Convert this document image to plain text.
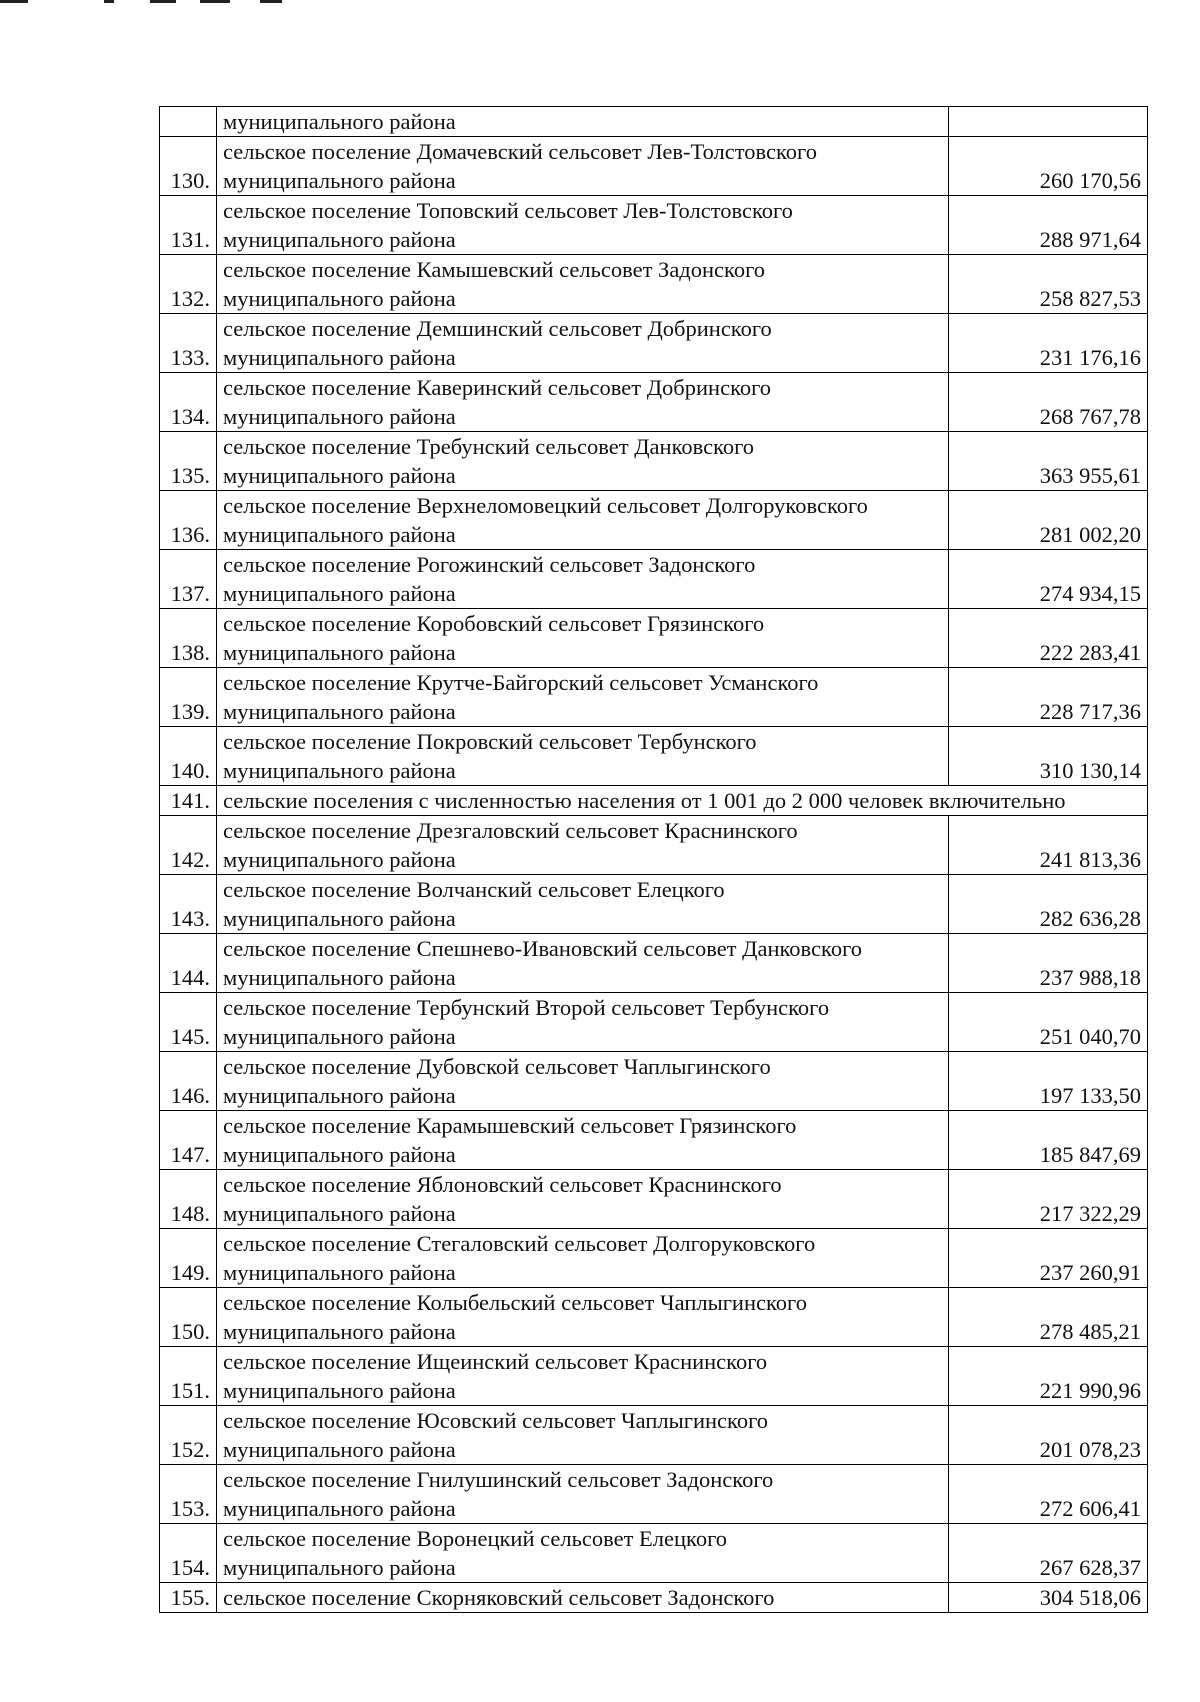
	муниципального района	

130.	сельское поселение Домачевский сельсовет Лев-Толстовского
муниципального района	260 170,56
131.	сельское поселение Топовский сельсовет Лев-Толстовского
муниципального района	288 971,64
132.	сельское поселение Камышевский сельсовет Задонского
муниципального района	258 827,53
133.	сельское поселение Демшинский сельсовет Добринского
муниципального района	231 176,16
134.	сельское поселение Каверинский сельсовет Добринского
муниципального района	268 767,78
135.	сельское поселение Требунский сельсовет Данковского
муниципального района	363 955,61
136.	сельское поселение Верхнеломовецкий сельсовет Долгоруковского
муниципального района	281 002,20
137.	сельское поселение Рогожинский сельсовет Задонского
муниципального района	274 934,15
138.	сельское поселение Коробовский сельсовет Грязинского
муниципального района	222 283,41
139.	сельское поселение Крутче-Байгорский сельсовет Усманского
муниципального района	228 717,36
140.	сельское поселение Покровский сельсовет Тербунского
муниципального района	310 130,14
141.	сельские поселения с численностью населения от 1 001 до 2 000 человек включительно	
142.	сельское поселение Дрезгаловский сельсовет Краснинского
муниципального района	241 813,36
143.	сельское поселение Волчанский сельсовет Елецкого
муниципального района	282 636,28
144.	сельское поселение Спешнево-Ивановский сельсовет Данковского
муниципального района	237 988,18
145.	сельское поселение Тербунский Второй сельсовет Тербунского
муниципального района	251 040,70
146.	сельское поселение Дубовской сельсовет Чаплыгинского
муниципального района	197 133,50
147.	сельское поселение Карамышевский сельсовет Грязинского
муниципального района	185 847,69
148.	сельское поселение Яблоновский сельсовет Краснинского
муниципального района	217 322,29
149.	сельское поселение Стегаловский сельсовет Долгоруковского
муниципального района	237 260,91
150.	сельское поселение Колыбельский сельсовет Чаплыгинского
муниципального района	278 485,21
151.	сельское поселение Ищеинский сельсовет Краснинского
муниципального района	221 990,96
152.	сельское поселение Юсовский сельсовет Чаплыгинского
муниципального района	201 078,23
153.	сельское поселение Гнилушинский сельсовет Задонского
муниципального района	272 606,41
154.	сельское поселение Воронецкий сельсовет Елецкого
муниципального района	267 628,37
155.	сельское поселение Скорняковский сельсовет Задонского	304 518,06
